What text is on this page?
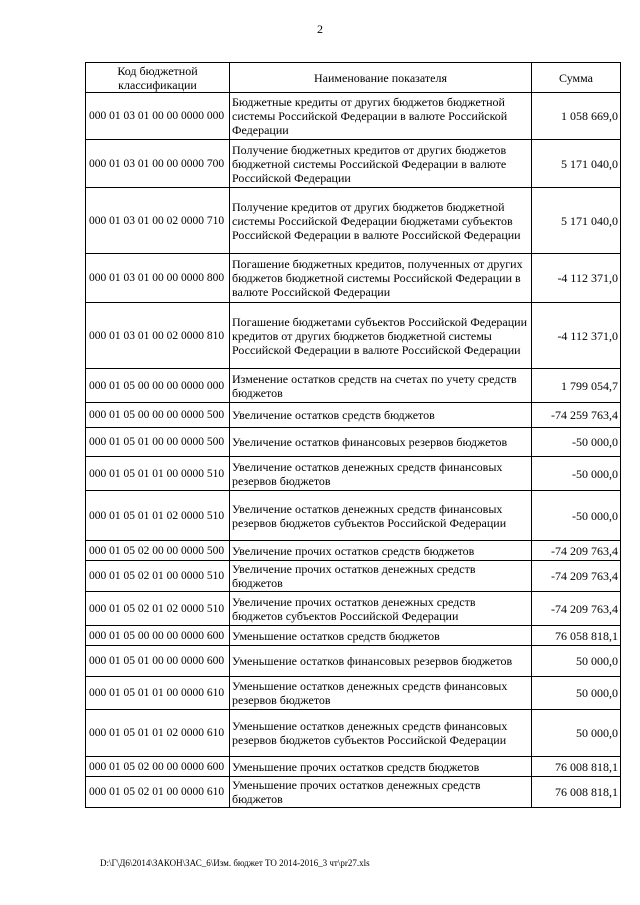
2
Код бюджетной классификации	Наименование показателя	Сумма
000 01 03 01 00 00 0000 000	Бюджетные кредиты от других бюджетов бюджетной системы Российской Федерации в валюте Российской Федерации	1 058 669,0
000 01 03 01 00 00 0000 700	Получение бюджетных кредитов от других бюджетов бюджетной системы Российской Федерации в валюте Российской Федерации	5 171 040,0
000 01 03 01 00 02 0000 710	Получение кредитов от других бюджетов бюджетной системы Российской Федерации бюджетами субъектов Российской Федерации в валюте Российской Федерации	5 171 040,0
000 01 03 01 00 00 0000 800	Погашение бюджетных кредитов, полученных от других бюджетов бюджетной системы Российской Федерации в валюте Российской Федерации	-4 112 371,0
000 01 03 01 00 02 0000 810	Погашение бюджетами субъектов Российской Федерации кредитов от других бюджетов бюджетной системы Российской Федерации в валюте Российской Федерации	-4 112 371,0
000 01 05 00 00 00 0000 000	Изменение остатков средств на счетах по учету средств бюджетов	1 799 054,7
000 01 05 00 00 00 0000 500	Увеличение остатков средств бюджетов	-74 259 763,4
000 01 05 01 00 00 0000 500	Увеличение остатков финансовых резервов бюджетов	-50 000,0
000 01 05 01 01 00 0000 510	Увеличение остатков денежных средств финансовых резервов бюджетов	-50 000,0
000 01 05 01 01 02 0000 510	Увеличение остатков денежных средств финансовых резервов бюджетов субъектов Российской Федерации	-50 000,0
000 01 05 02 00 00 0000 500	Увеличение прочих остатков средств бюджетов	-74 209 763,4
000 01 05 02 01 00 0000 510	Увеличение прочих остатков денежных средств бюджетов	-74 209 763,4
000 01 05 02 01 02 0000 510	Увеличение прочих остатков денежных средств бюджетов субъектов Российской Федерации	-74 209 763,4
000 01 05 00 00 00 0000 600	Уменьшение остатков средств бюджетов	76 058 818,1
000 01 05 01 00 00 0000 600	Уменьшение остатков финансовых резервов бюджетов	50 000,0
000 01 05 01 01 00 0000 610	Уменьшение остатков денежных средств финансовых резервов бюджетов	50 000,0
000 01 05 01 01 02 0000 610	Уменьшение остатков денежных средств финансовых резервов бюджетов субъектов Российской Федерации	50 000,0
000 01 05 02 00 00 0000 600	Уменьшение прочих остатков средств бюджетов	76 008 818,1
000 01 05 02 01 00 0000 610	Уменьшение прочих остатков денежных средств бюджетов	76 008 818,1
D:\Г\Д6\2014\ЗАКОН\ЗАС_6\Изм. бюджет ТО 2014-2016_3 чт\pr27.xls
